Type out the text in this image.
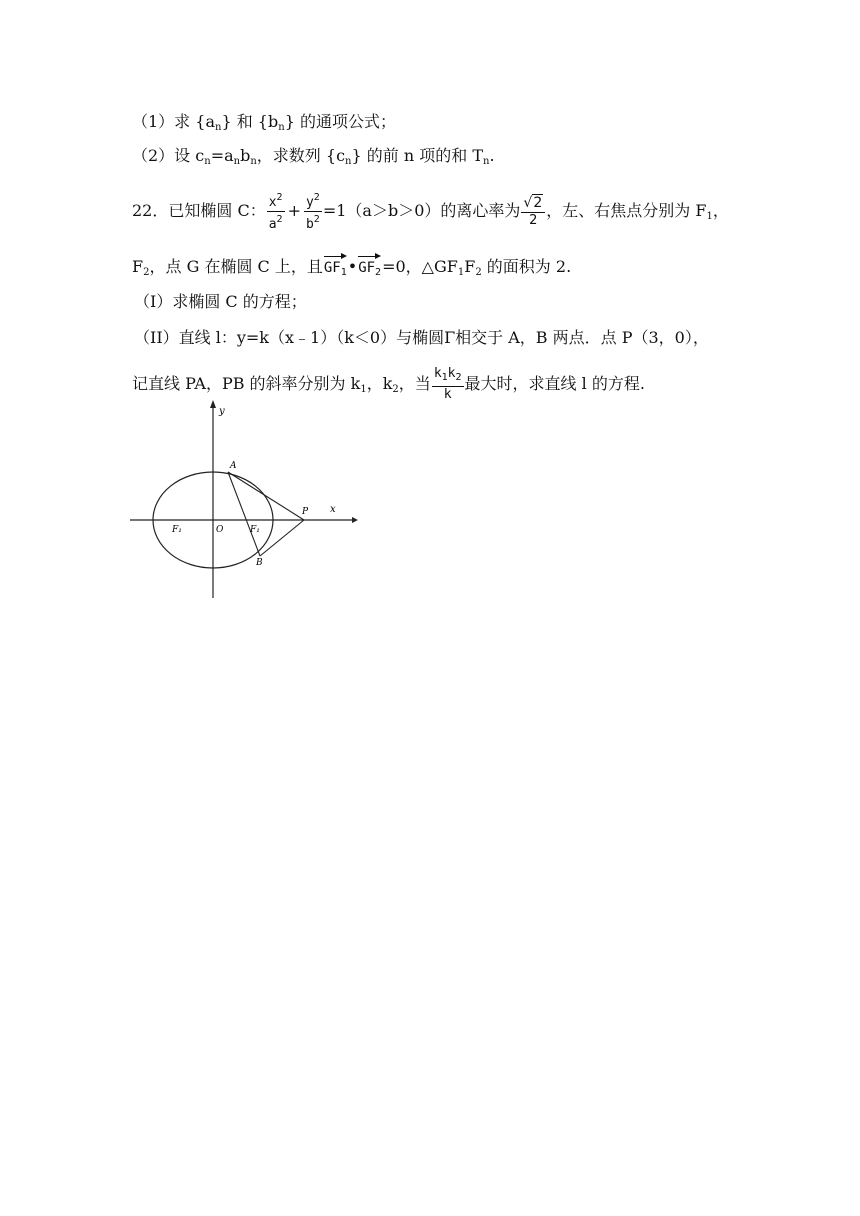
（1）求 $\{a_n\}$ 和 $\{b_n\}$ 的通项公式；
（2）设 $c_n=a_nb_n$，求数列 $\{c_n\}$ 的前 n 项的和 $T_n$.
22．已知椭圆 C： $\frac{x^2}{a^2} + \frac{y^2}{b^2} =1(a>b>0)$的离心率为 $\frac{√2}{2}$ ，左、右焦点分别为 $F_1$，
$F_2$，点 G 在椭圆 C 上，且$GF_1•GF_2=0$，$\triangle GF_1F_2$ 的面积为 2.
（I）求椭圆 C 的方程；
（II）直线 l：y=k（x﹣1）（k＜0）与椭圆Γ相交于 A，B 两点．点 P（3，0），
记直线 PA，PB 的斜率分别为 $k_1$，$k_2$，当 $\frac{k_1k_2}{k}$ 最大时，求直线 l 的方程.
y
x
A
B
P
O
F₁	F₁
